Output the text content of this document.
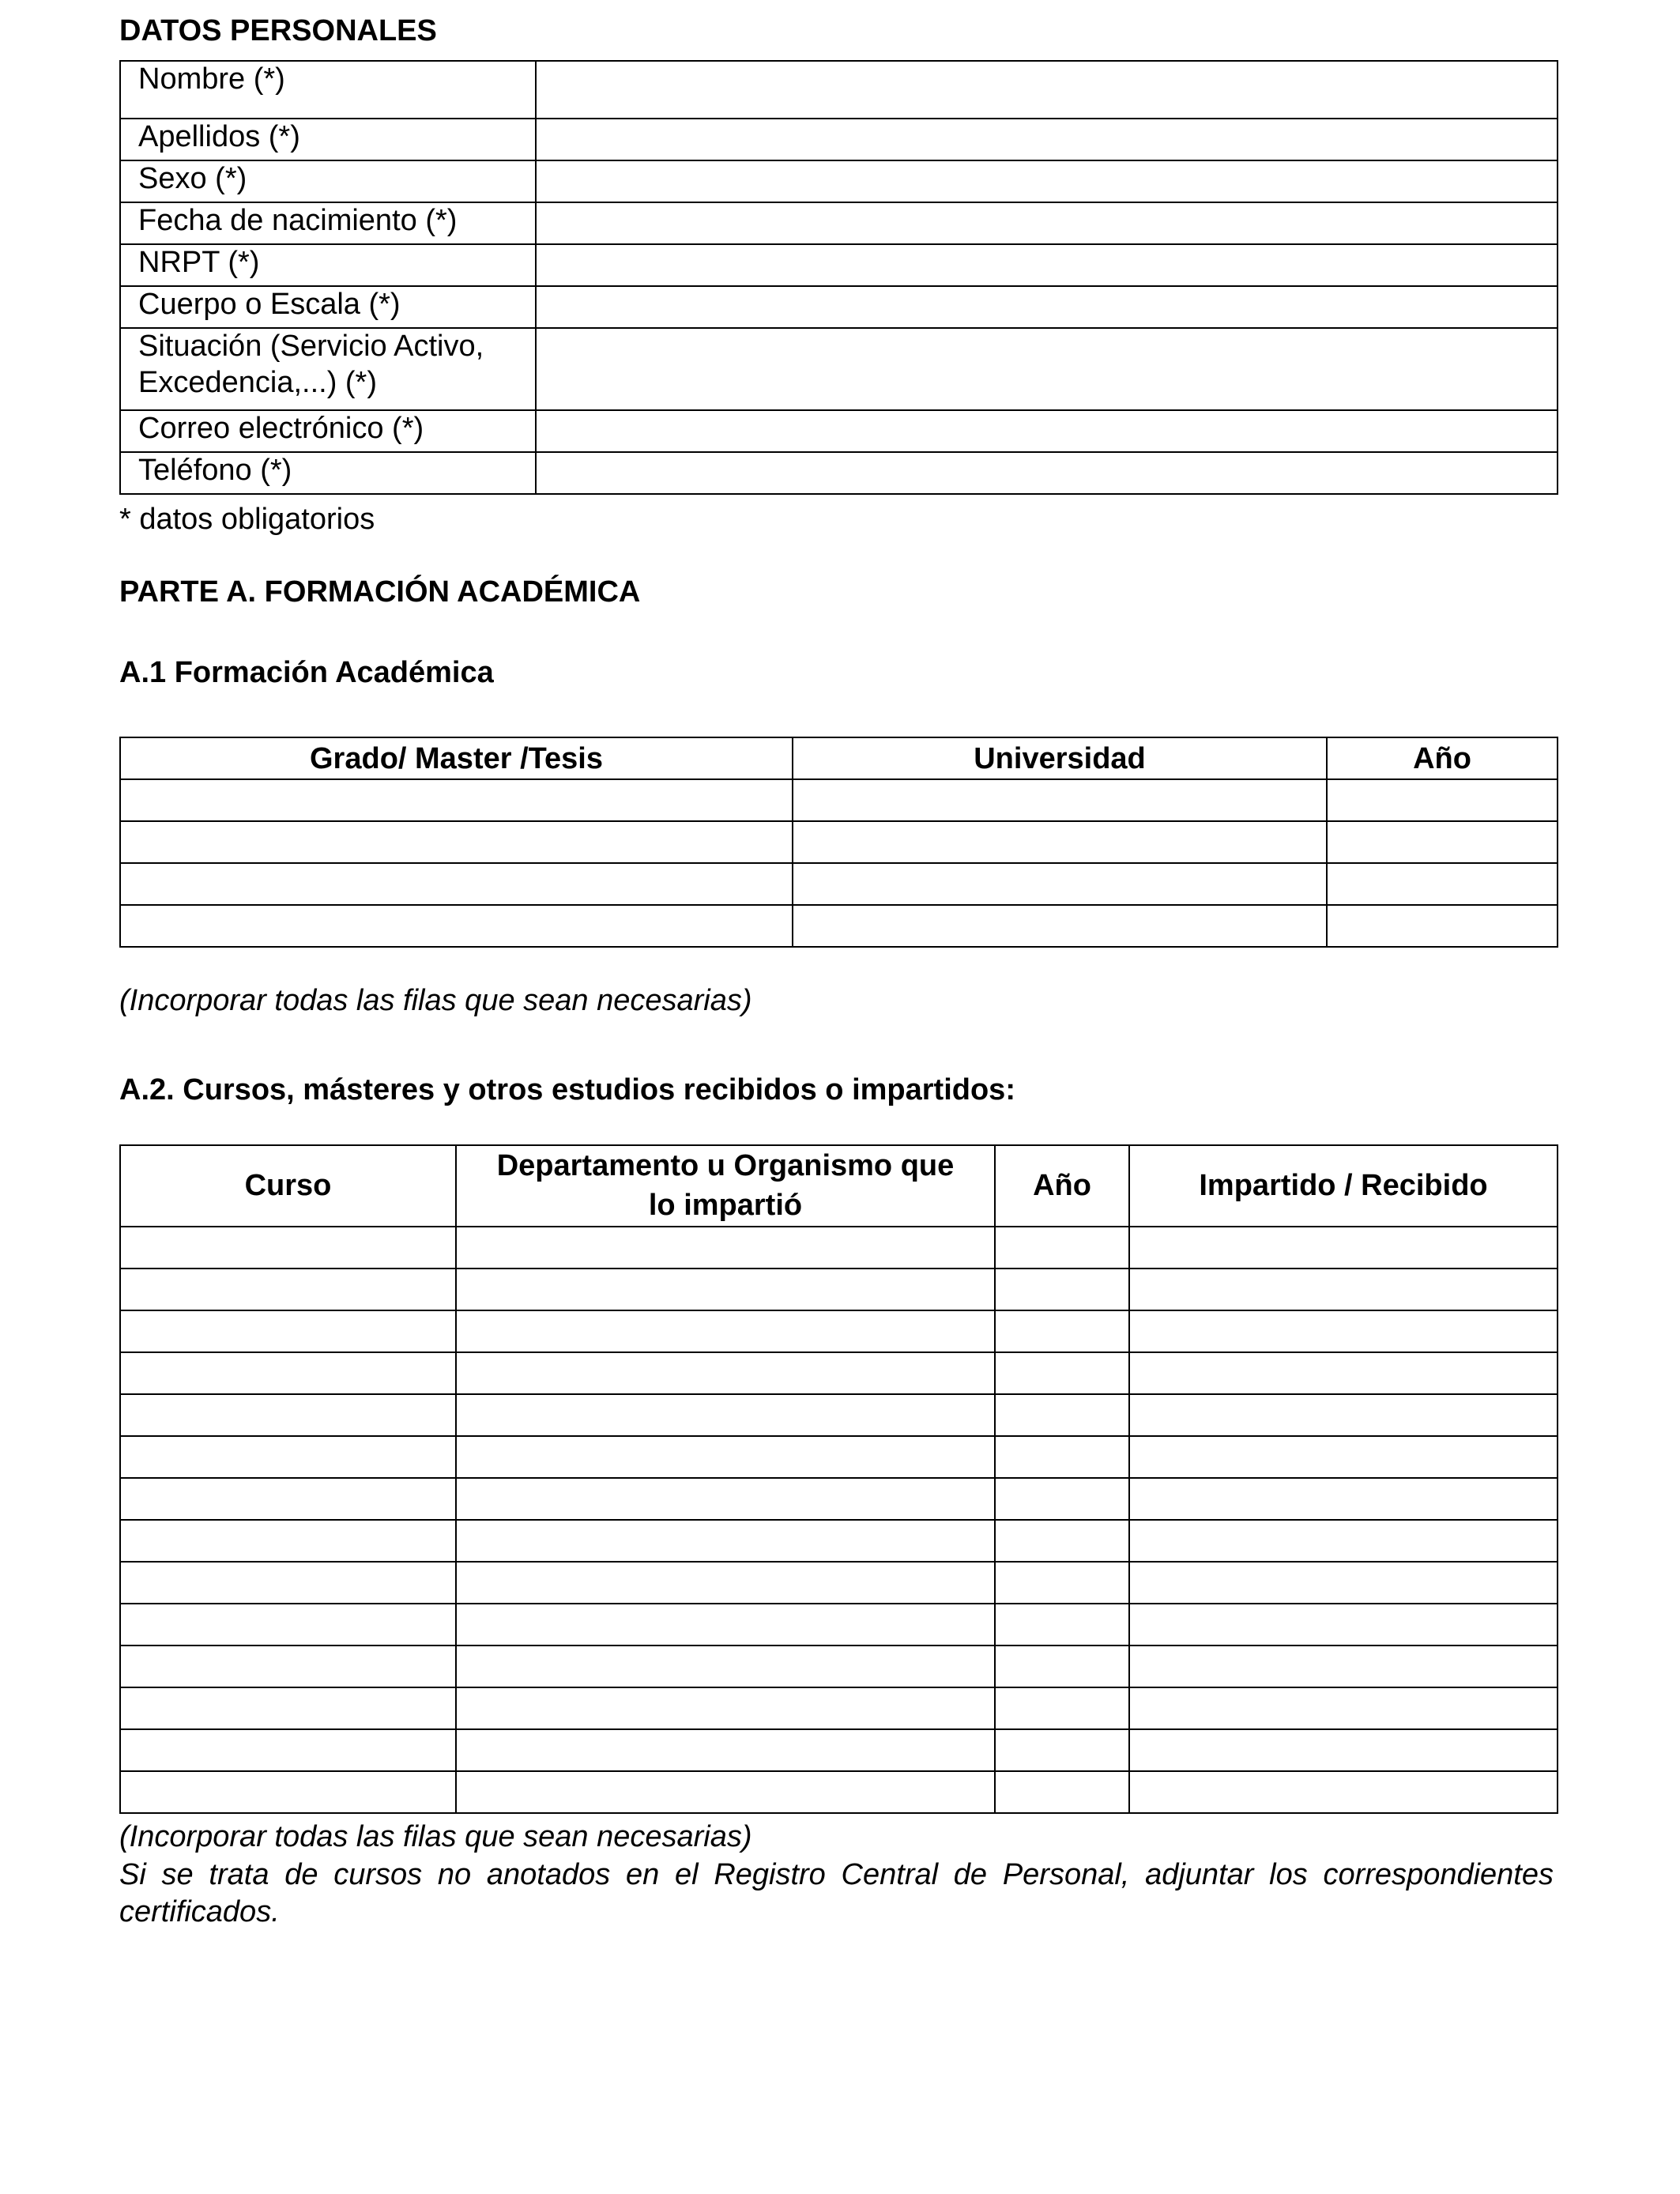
DATOS PERSONALES
Nombre (*)	
Apellidos (*)	
Sexo (*)	
Fecha de nacimiento (*)	
NRPT (*)	
Cuerpo o Escala (*)	

Situación (Servicio Activo,
Excedencia,...) (*)	

Correo electrónico (*)	
Teléfono (*)	

* datos obligatorios

PARTE A. FORMACIÓN ACADÉMICA
A.1 Formación Académica
Grado/ Master /Tesis	Universidad	Año

(Incorporar todas las filas que sean necesarias)

A.2. Cursos, másteres y otros estudios recibidos o impartidos:
Curso	Departamento u Organismo que lo impartió	Año	Impartido / Recibido

(Incorporar todas las filas que sean necesarias)

Si se trata de cursos no anotados en el Registro Central de Personal, adjuntar los correspondientes

certificados.
